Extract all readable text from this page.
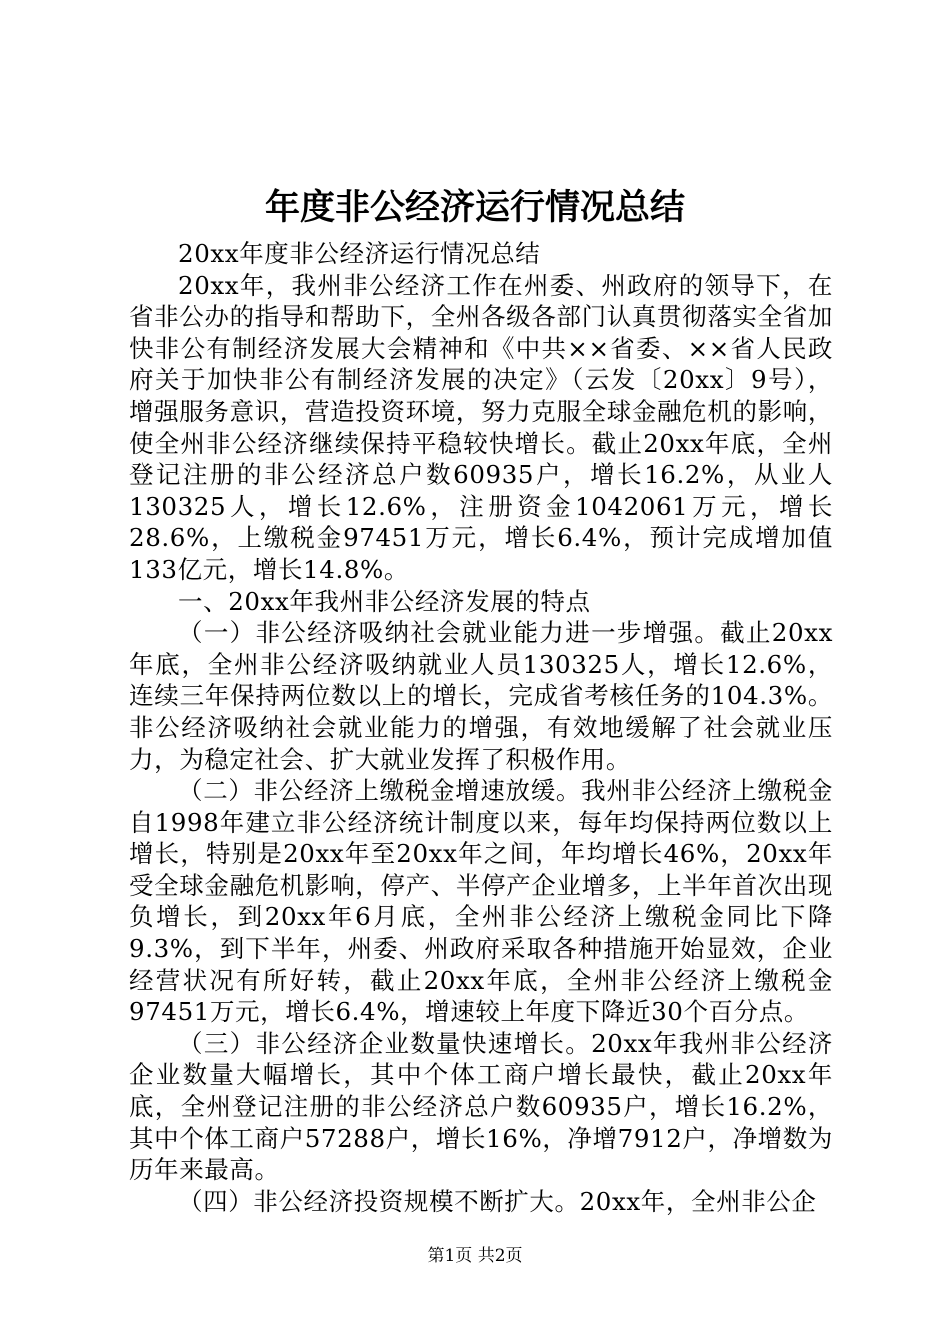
年度非公经济运行情况总结

20xx年度非公经济运行情况总结

20xx年，我州非公经济工作在州委、州政府的领导下，在省非公办的指导和帮助下，全州各级各部门认真贯彻落实全省加快非公有制经济发展大会精神和《中共××省委、××省人民政府关于加快非公有制经济发展的决定》（云发〔20xx〕9号），增强服务意识，营造投资环境，努力克服全球金融危机的影响，使全州非公经济继续保持平稳较快增长。截止20xx年底，全州登记注册的非公经济总户数60935户，增长16.2%，从业人130325人，增长12.6%，注册资金1042061万元，增长28.6%，上缴税金97451万元，增长6.4%，预计完成增加值133亿元，增长14.8%。

一、20xx年我州非公经济发展的特点

（一）非公经济吸纳社会就业能力进一步增强。截止20xx年底，全州非公经济吸纳就业人员130325人，增长12.6%，连续三年保持两位数以上的增长，完成省考核任务的104.3%。非公经济吸纳社会就业能力的增强，有效地缓解了社会就业压力，为稳定社会、扩大就业发挥了积极作用。

（二）非公经济上缴税金增速放缓。我州非公经济上缴税金自1998年建立非公经济统计制度以来，每年均保持两位数以上增长，特别是20xx年至20xx年之间，年均增长46%，20xx年受全球金融危机影响，停产、半停产企业增多，上半年首次出现负增长，到20xx年6月底，全州非公经济上缴税金同比下降9.3%，到下半年，州委、州政府采取各种措施开始显效，企业经营状况有所好转，截止20xx年底，全州非公经济上缴税金97451万元，增长6.4%，增速较上年度下降近30个百分点。

（三）非公经济企业数量快速增长。20xx年我州非公经济企业数量大幅增长，其中个体工商户增长最快，截止20xx年底，全州登记注册的非公经济总户数60935户，增长16.2%，其中个体工商户57288户，增长16%，净增7912户，净增数为历年来最高。

（四）非公经济投资规模不断扩大。20xx年，全州非公企

第1页 共2页
